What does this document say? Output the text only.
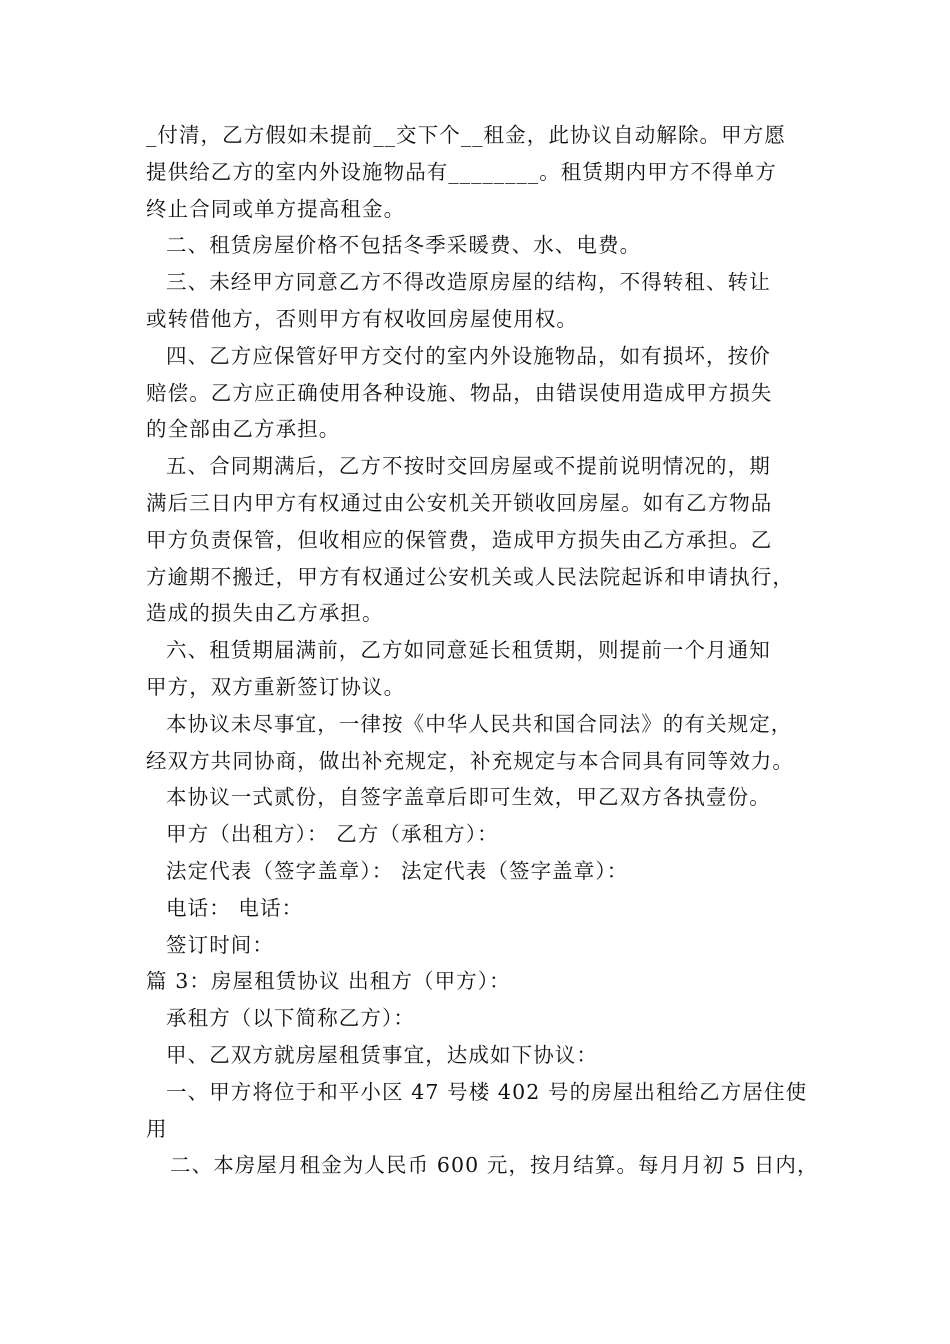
_付清，乙方假如未提前__交下个__租金，此协议自动解除。甲方愿
提供给乙方的室内外设施物品有________。租赁期内甲方不得单方
终止合同或单方提高租金。
二、租赁房屋价格不包括冬季采暖费、水、电费。
三、未经甲方同意乙方不得改造原房屋的结构，不得转租、转让
或转借他方，否则甲方有权收回房屋使用权。
四、乙方应保管好甲方交付的室内外设施物品，如有损坏，按价
赔偿。乙方应正确使用各种设施、物品，由错误使用造成甲方损失
的全部由乙方承担。
五、合同期满后，乙方不按时交回房屋或不提前说明情况的，期
满后三日内甲方有权通过由公安机关开锁收回房屋。如有乙方物品
甲方负责保管，但收相应的保管费，造成甲方损失由乙方承担。乙
方逾期不搬迁，甲方有权通过公安机关或人民法院起诉和申请执行，
造成的损失由乙方承担。
六、租赁期届满前，乙方如同意延长租赁期，则提前一个月通知
甲方，双方重新签订协议。
本协议未尽事宜，一律按《中华人民共和国合同法》的有关规定，
经双方共同协商，做出补充规定，补充规定与本合同具有同等效力。
本协议一式贰份，自签字盖章后即可生效，甲乙双方各执壹份。
甲方（出租方）： 乙方（承租方）：
法定代表（签字盖章）： 法定代表（签字盖章）：
电话： 电话：
签订时间：
篇 3：房屋租赁协议 出租方（甲方）：
承租方（以下简称乙方）：
甲、乙双方就房屋租赁事宜，达成如下协议：
一、甲方将位于和平小区 47 号楼 402 号的房屋出租给乙方居住使
用
二、本房屋月租金为人民币 600 元，按月结算。每月月初 5 日内，
